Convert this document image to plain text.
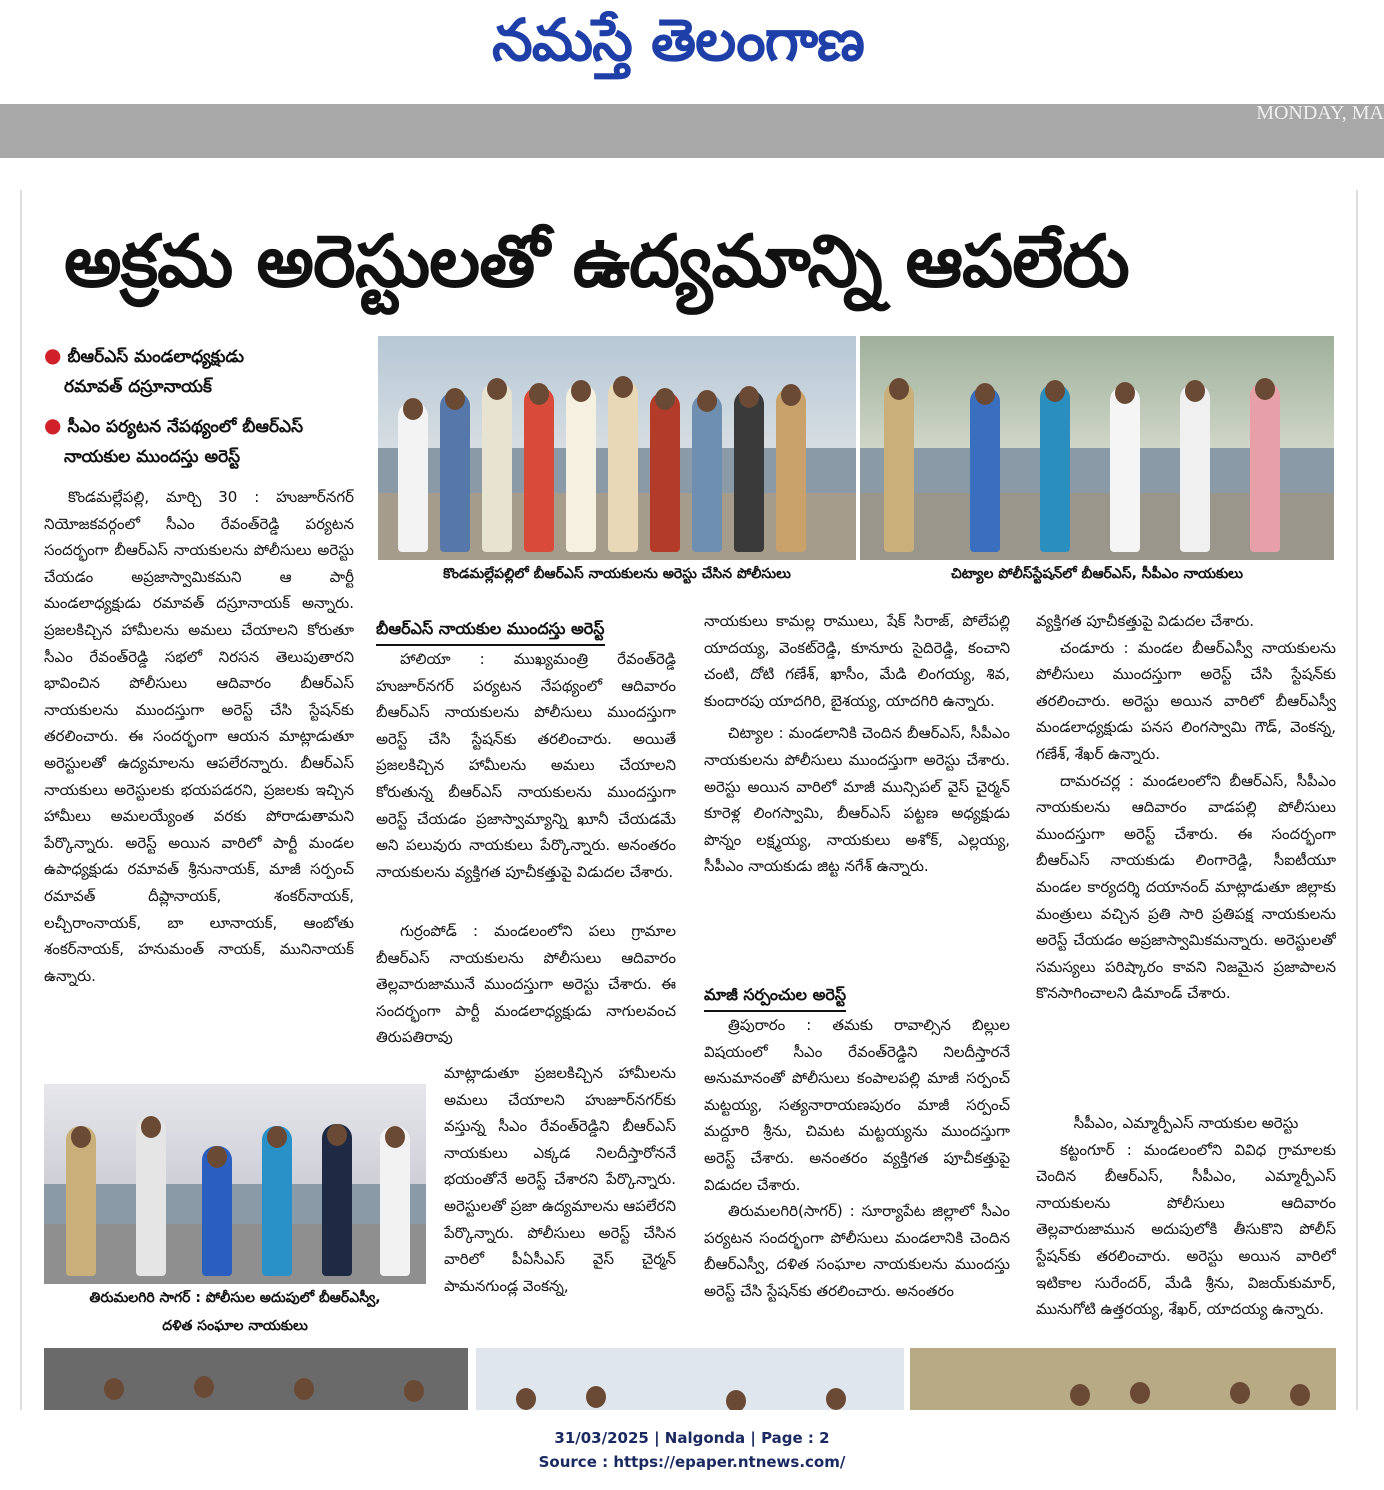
నమస్తే తెలంగాణ
MONDAY, MA
అక్రమ అరెస్టులతో ఉద్యమాన్ని ఆపలేరు
● బీఆర్ఎస్ మండలాధ్యక్షుడు
రమావత్ దస్రూనాయక్
● సీఎం పర్యటన నేపథ్యంలో బీఆర్ఎస్
నాయకుల ముందస్తు అరెస్ట్
కొండమల్లేపల్లిలో బీఆర్ఎస్ నాయకులను అరెస్టు చేసిన పోలీసులు	చిట్యాల పోలీస్‌స్టేషన్‌లో బీఆర్ఎస్, సీపీఎం నాయకులు

కొండమల్లేపల్లి, మార్చి 30 : హుజూర్‌నగర్ నియోజకవర్గంలో సీఎం రేవంత్‌రెడ్డి పర్యటన సందర్భంగా బీఆర్ఎస్ నాయకులను పోలీసులు అరెస్టు చేయడం అప్రజాస్వామికమని ఆ పార్టీ మండలాధ్యక్షుడు రమావత్ దస్రూనాయక్ అన్నారు. ప్రజలకిచ్చిన హామీలను అమలు చేయాలని కోరుతూ సీఎం రేవంత్‌రెడ్డి సభలో నిరసన తెలుపుతారని భావించిన పోలీసులు ఆదివారం బీఆర్ఎస్ నాయకులను ముందస్తుగా అరెస్ట్ చేసి స్టేషన్‌కు తరలించారు. ఈ సందర్భంగా ఆయన మాట్లాడుతూ అరెస్టులతో ఉద్యమాలను ఆపలేరన్నారు. బీఆర్ఎస్ నాయకులు అరెస్టులకు భయపడరని, ప్రజలకు ఇచ్చిన హామీలు అమలయ్యేంత వరకు పోరాడుతామని పేర్కొన్నారు. అరెస్ట్ అయిన వారిలో పార్టీ మండల ఉపాధ్యక్షుడు రమావత్ శ్రీనునాయక్, మాజీ సర్పంచ్ రమావత్ దీప్లానాయక్, శంకర్‌నాయక్, లచ్చీరాంనాయక్, బా లూనాయక్, ఆంబోతు శంకర్‌నాయక్, హనుమంత్ నాయక్, మునినాయక్ ఉన్నారు.

తిరుమలగిరి సాగర్ : పోలీసుల అదుపులో బీఆర్ఎస్వీ,
దళిత సంఘాల నాయకులు
బీఆర్ఎస్ నాయకుల ముందస్తు అరెస్ట్

హాలియా : ముఖ్యమంత్రి రేవంత్‌రెడ్డి హుజూర్‌నగర్ పర్యటన నేపథ్యంలో ఆదివారం బీఆర్ఎస్ నాయకులను పోలీసులు ముందస్తుగా అరెస్ట్ చేసి స్టేషన్‌కు తరలించారు. అయితే ప్రజలకిచ్చిన హామీలను అమలు చేయాలని కోరుతున్న బీఆర్ఎస్ నాయకులను ముందస్తుగా అరెస్ట్ చేయడం ప్రజాస్వామ్యాన్ని ఖూనీ చేయడమే అని పలువురు నాయకులు పేర్కొన్నారు. అనంతరం నాయకులను వ్యక్తిగత పూచీకత్తుపై విడుదల చేశారు.

గుర్రంపోడ్ : మండలంలోని పలు గ్రామాల బీఆర్ఎస్ నాయకులను పోలీసులు ఆదివారం తెల్లవారుజామునే ముందస్తుగా అరెస్టు చేశారు. ఈ సందర్భంగా పార్టీ మండలాధ్యక్షుడు నాగులవంచ తిరుపతిరావు

మాట్లాడుతూ ప్రజలకిచ్చిన హామీలను అమలు చేయాలని హుజూర్‌నగర్‌కు వస్తున్న సీఎం రేవంత్‌రెడ్డిని బీఆర్ఎస్ నాయకులు ఎక్కడ నిలదీస్తారోననే భయంతోనే అరెస్ట్ చేశారని పేర్కొన్నారు. అరెస్టులతో ప్రజా ఉద్యమాలను ఆపలేరని పేర్కొన్నారు. పోలీసులు అరెస్ట్ చేసిన వారిలో పీఏసీఎస్ వైస్ చైర్మన్ పామనగుండ్ల వెంకన్న,

నాయకులు కామల్ల రాములు, షేక్ సిరాజ్, పోలేపల్లి యాదయ్య, వెంకట్‌రెడ్డి, కూనూరు సైదిరెడ్డి, కంచాని చంటి, దోటి గణేశ్, ఖాసీం, మేడి లింగయ్య, శివ, కుందారపు యాదగిరి, బైశయ్య, యాదగిరి ఉన్నారు.

చిట్యాల : మండలానికి చెందిన బీఆర్ఎస్, సీపీఎం నాయకులను పోలీసులు ముందస్తుగా అరెస్టు చేశారు. అరెస్టు అయిన వారిలో మాజీ మున్సిపల్ వైస్ చైర్మన్ కూరెళ్ల లింగస్వామి, బీఆర్ఎస్ పట్టణ అధ్యక్షుడు పొన్నం లక్ష్మయ్య, నాయకులు అశోక్, ఎల్లయ్య, సీపీఎం నాయకుడు జిట్ట నగేశ్ ఉన్నారు.

మాజీ సర్పంచుల అరెస్ట్

త్రిపురారం : తమకు రావాల్సిన బిల్లుల విషయంలో సీఎం రేవంత్‌రెడ్డిని నిలదీస్తారనే అనుమానంతో పోలీసులు కంపాలపల్లి మాజీ సర్పంచ్ మట్టయ్య, సత్యనారాయణపురం మాజీ సర్పంచ్ మద్దూరి శ్రీను, చిమట మట్టయ్యను ముందస్తుగా అరెస్ట్ చేశారు. అనంతరం వ్యక్తిగత పూచీకత్తుపై విడుదల చేశారు.

తిరుమలగిరి(సాగర్) : సూర్యాపేట జిల్లాలో సీఎం పర్యటన సందర్భంగా పోలీసులు మండలానికి చెందిన బీఆర్ఎస్వీ, దళిత సంఘాల నాయకులను ముందస్తు అరెస్ట్ చేసి స్టేషన్‌కు తరలించారు. అనంతరం

వ్యక్తిగత పూచీకత్తుపై విడుదల చేశారు.

చండూరు : మండల బీఆర్ఎస్వీ నాయకులను పోలీసులు ముందస్తుగా అరెస్ట్ చేసి స్టేషన్‌కు తరలించారు. అరెస్టు అయిన వారిలో బీఆర్ఎస్వీ మండలాధ్యక్షుడు పనస లింగస్వామి గౌడ్, వెంకన్న, గణేశ్, శేఖర్ ఉన్నారు.

దామరచర్ల : మండలంలోని బీఆర్ఎస్, సీపీఎం నాయకులను ఆదివారం వాడపల్లి పోలీసులు ముందస్తుగా అరెస్ట్ చేశారు. ఈ సందర్భంగా బీఆర్ఎస్ నాయకుడు లింగారెడ్డి, సీఐటీయూ మండల కార్యదర్శి దయానంద్ మాట్లాడుతూ జిల్లాకు మంత్రులు వచ్చిన ప్రతి సారి ప్రతిపక్ష నాయకులను అరెస్ట్ చేయడం అప్రజాస్వామికమన్నారు. అరెస్టులతో సమస్యలు పరిష్కారం కావని నిజమైన ప్రజాపాలన కొనసాగించాలని డిమాండ్ చేశారు.

సీపీఎం, ఎమ్మార్పీఎస్ నాయకుల అరెస్టు

కట్టంగూర్ : మండలంలోని వివిధ గ్రామాలకు చెందిన బీఆర్ఎస్, సీపీఎం, ఎమ్మార్పీఎస్ నాయకులను పోలీసులు ఆదివారం తెల్లవారుజామున అదుపులోకి తీసుకొని పోలీస్ స్టేషన్‌కు తరలించారు. అరెస్టు అయిన వారిలో ఇటికాల సురేందర్, మేడి శ్రీను, విజయ్‌కుమార్, మునుగోటి ఉత్తరయ్య, శేఖర్, యాదయ్య ఉన్నారు.

31/03/2025 | Nalgonda | Page : 2
Source : https://epaper.ntnews.com/
